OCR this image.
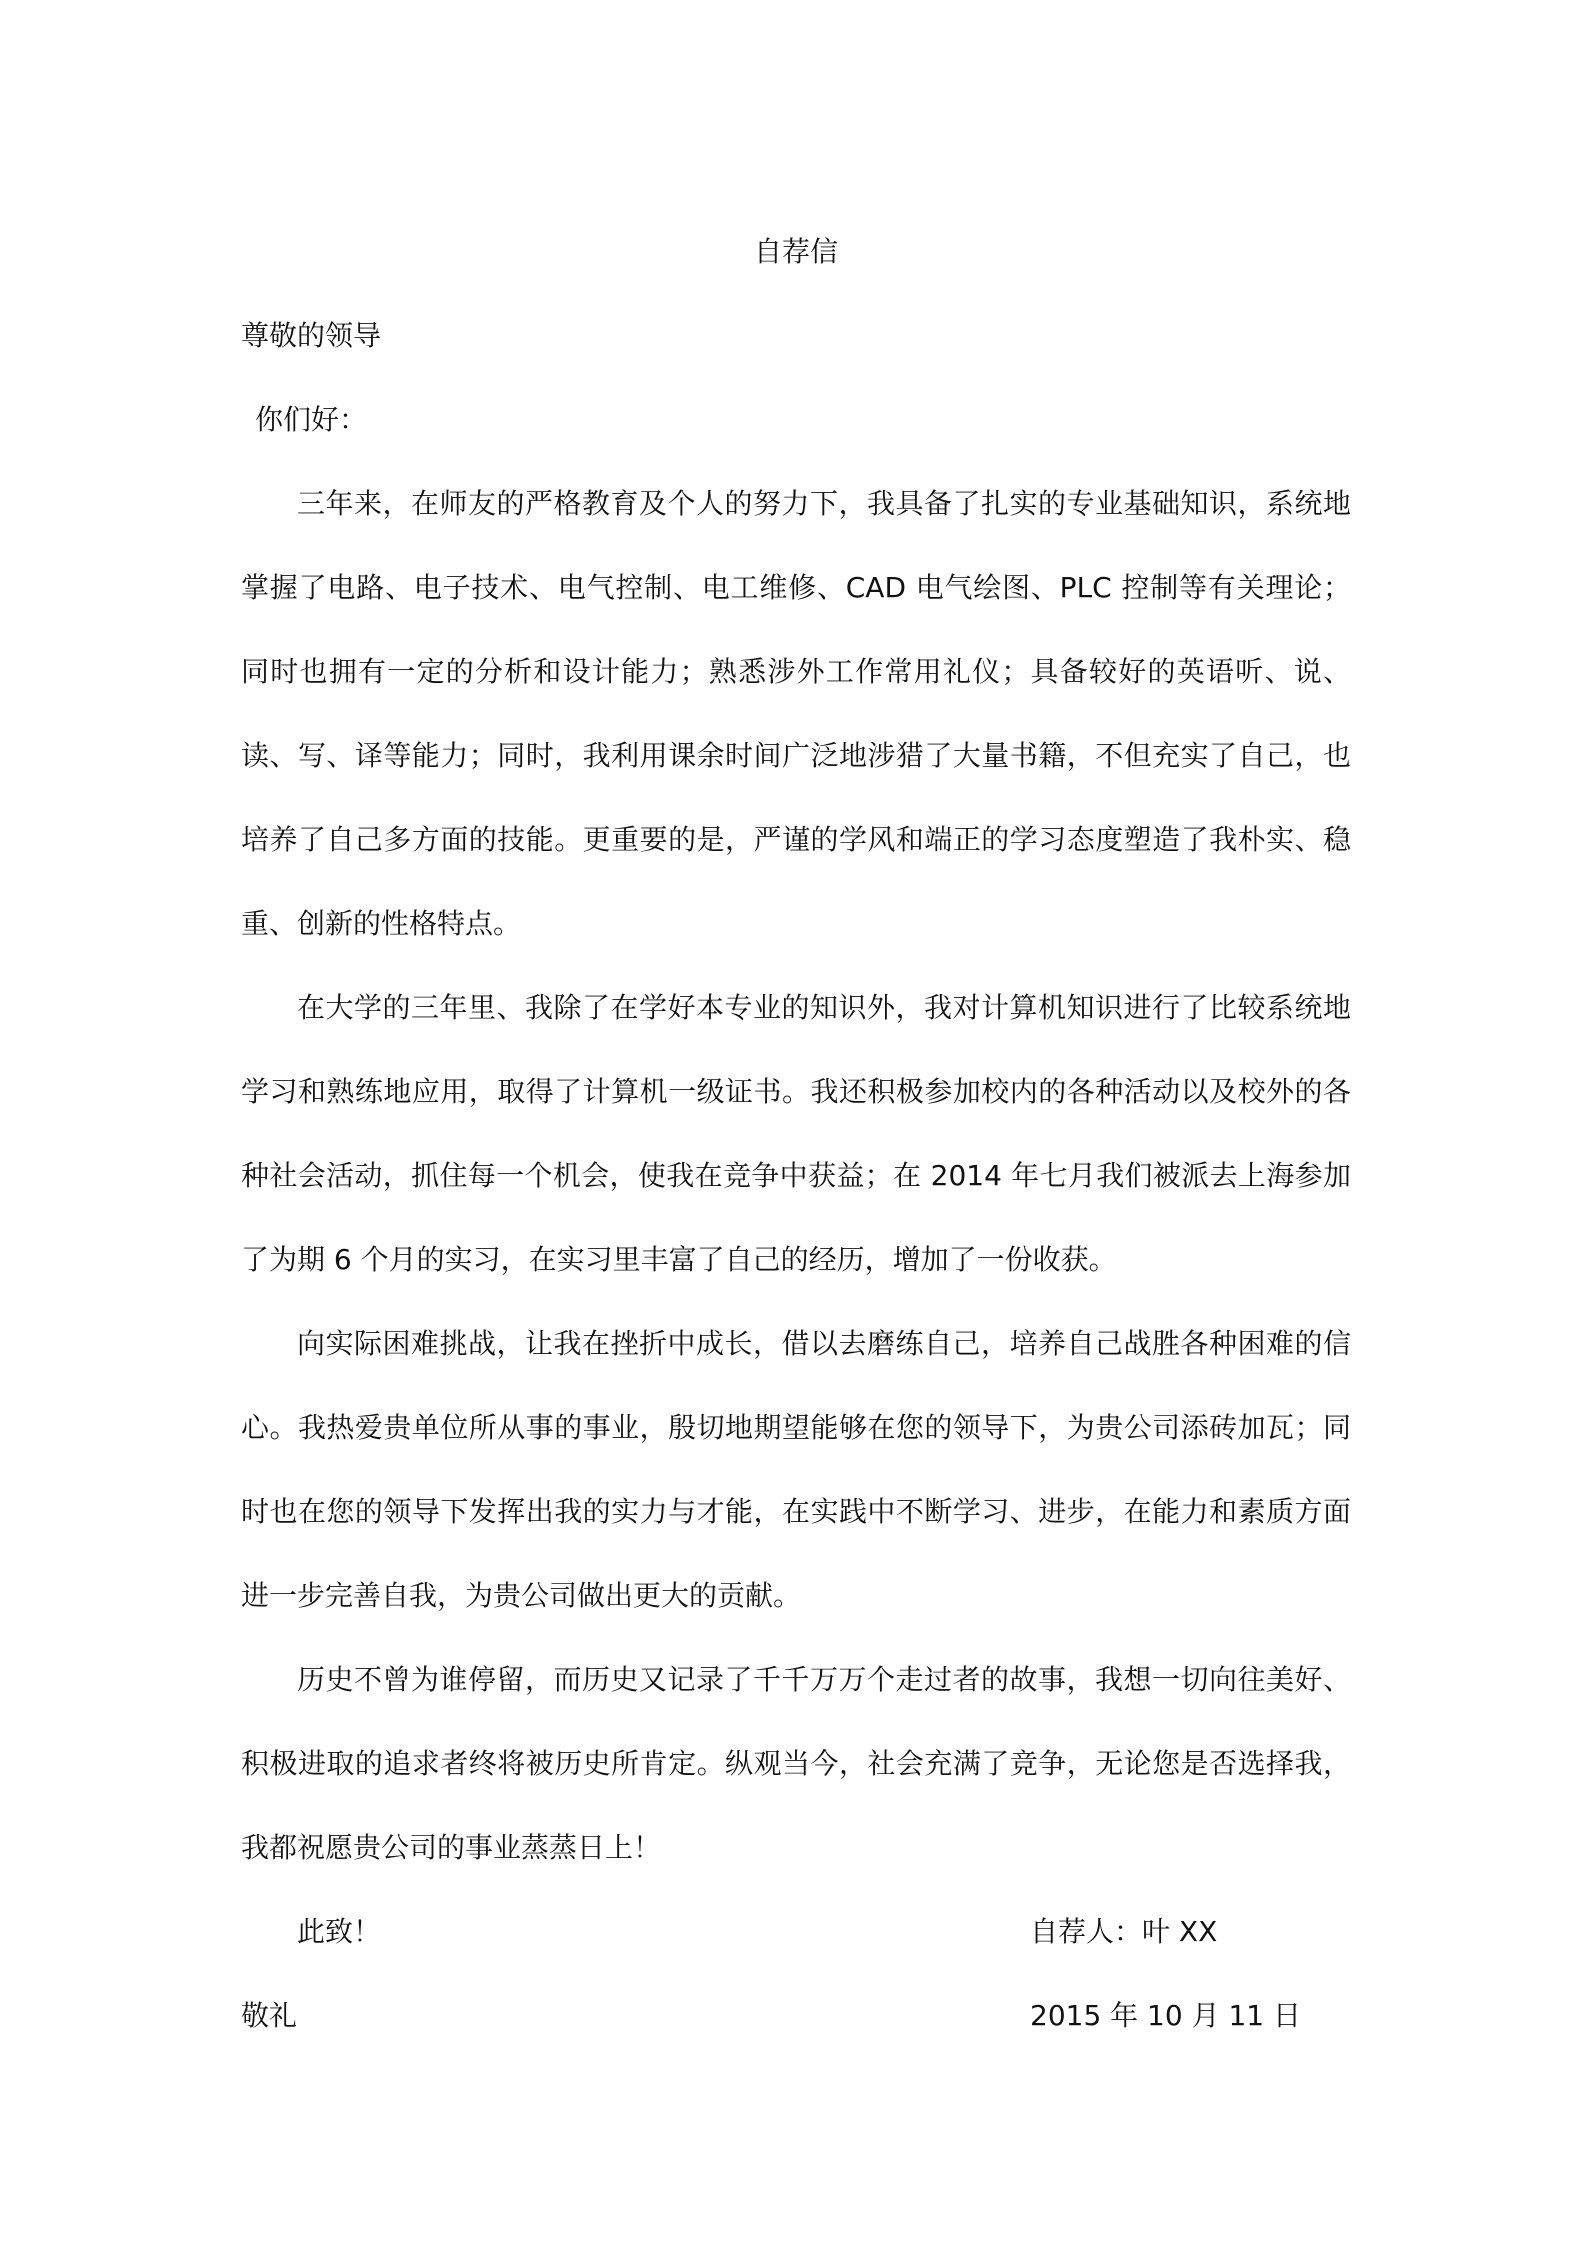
自荐信

尊敬的领导

你们好：

三年来，在师友的严格教育及个人的努力下，我具备了扎实的专业基础知识，系统地掌握了电路、电子技术、电气控制、电工维修、CAD 电气绘图、PLC 控制等有关理论；同时也拥有一定的分析和设计能力；熟悉涉外工作常用礼仪；具备较好的英语听、说、读、写、译等能力；同时，我利用课余时间广泛地涉猎了大量书籍，不但充实了自己，也培养了自己多方面的技能。更重要的是，严谨的学风和端正的学习态度塑造了我朴实、稳重、创新的性格特点。

在大学的三年里、我除了在学好本专业的知识外，我对计算机知识进行了比较系统地学习和熟练地应用，取得了计算机一级证书。我还积极参加校内的各种活动以及校外的各种社会活动，抓住每一个机会，使我在竞争中获益；在 2014 年七月我们被派去上海参加了为期 6 个月的实习，在实习里丰富了自己的经历，增加了一份收获。

向实际困难挑战，让我在挫折中成长，借以去磨练自己，培养自己战胜各种困难的信心。我热爱贵单位所从事的事业，殷切地期望能够在您的领导下，为贵公司添砖加瓦；同时也在您的领导下发挥出我的实力与才能，在实践中不断学习、进步，在能力和素质方面进一步完善自我，为贵公司做出更大的贡献。

历史不曾为谁停留，而历史又记录了千千万万个走过者的故事，我想一切向往美好、积极进取的追求者终将被历史所肯定。纵观当今，社会充满了竞争，无论您是否选择我，我都祝愿贵公司的事业蒸蒸日上！

此致！	自荐人：叶 XX
敬礼	2015 年 10 月 11 日
